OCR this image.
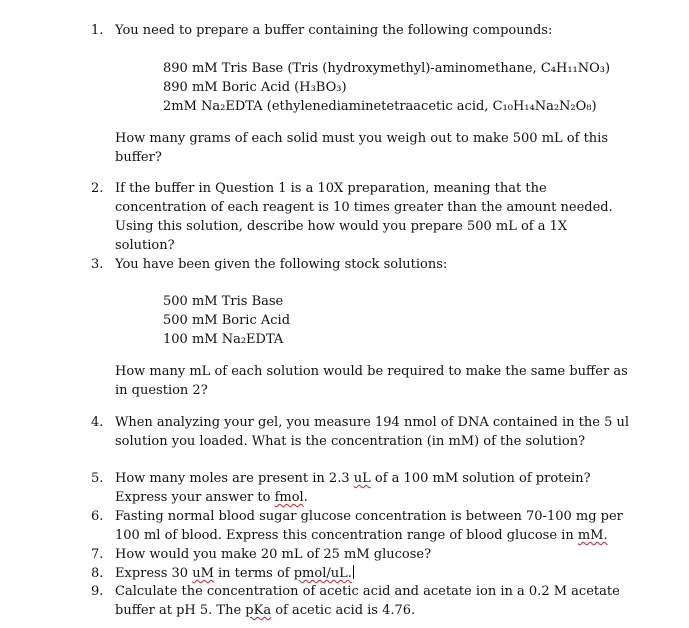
1. You need to prepare a buffer containing the following compounds:
890 mM Tris Base (Tris (hydroxymethyl)-aminomethane, C₄H₁₁NO₃)
890 mM Boric Acid (H₃BO₃)
2mM Na₂EDTA (ethylenediaminetetraacetic acid, C₁₀H₁₄Na₂N₂O₈)
How many grams of each solid must you weigh out to make 500 mL of this
buffer?
2. If the buffer in Question 1 is a 10X preparation, meaning that the
concentration of each reagent is 10 times greater than the amount needed.
Using this solution, describe how would you prepare 500 mL of a 1X
solution?
3. You have been given the following stock solutions:
500 mM Tris Base
500 mM Boric Acid
100 mM Na₂EDTA
How many mL of each solution would be required to make the same buffer as
in question 2?
4. When analyzing your gel, you measure 194 nmol of DNA contained in the 5 ul
solution you loaded. What is the concentration (in mM) of the solution?
5. How many moles are present in 2.3 uL of a 100 mM solution of protein?
Express your answer to fmol.
6. Fasting normal blood sugar glucose concentration is between 70-100 mg per
100 ml of blood. Express this concentration range of blood glucose in mM.
7. How would you make 20 mL of 25 mM glucose?
8. Express 30 uM in terms of pmol/uL.
9. Calculate the concentration of acetic acid and acetate ion in a 0.2 M acetate
buffer at pH 5. The pKa of acetic acid is 4.76.
